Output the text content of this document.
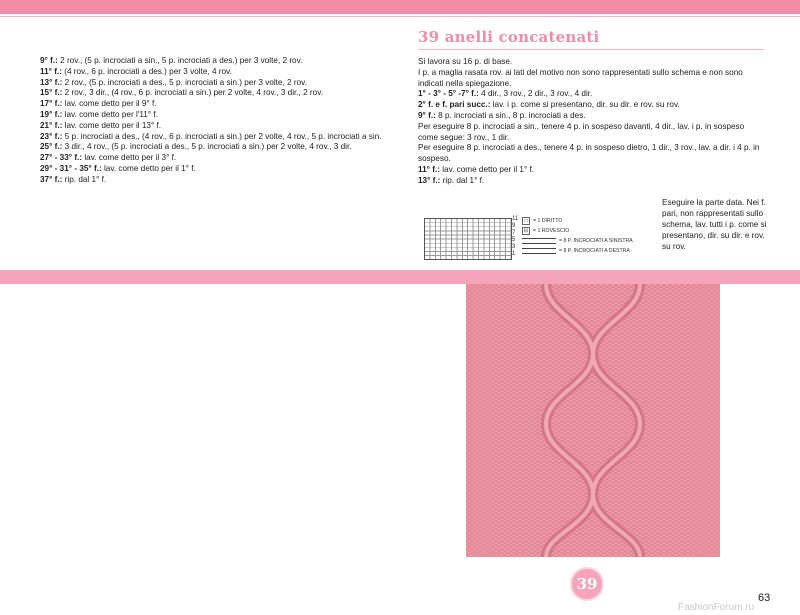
39 anelli concatenati
9° f.: 2 rov., (5 p. incrociati a sin., 5 p. incrociati a des.) per 3 volte, 2 rov.
11° f.: (4 rov., 6 p. incrociati a des.) per 3 volte, 4 rov.
13° f.: 2 rov., (5 p. incrociati a des., 5 p. incrociati a sin.) per 3 volte, 2 rov.
15° f.: 2 rov., 3 dir., (4 rov., 6 p. incrociati a sin.) per 2 volte, 4 rov., 3 dir., 2 rov.
17° f.: lav. come detto per il 9° f.
19° f.: lav. come detto per l'11° f.
21° f.: lav. come detto per il 13° f.
23° f.: 5 p. incrociati a des., (4 rov., 6 p. incrociati a sin.) per 2 volte, 4 rov., 5 p. incrociati a sin.
25° f.: 3 dir., 4 rov., (5 p. incrociati a des., 5 p. incrociati a sin.) per 2 volte, 4 rov., 3 dir.
27° - 33° f.: lav. come detto per il 3° f.
29° - 31° - 35° f.: lav. come detto per il 1° f.
37° f.: rip. dal 1° f.
Si lavora su 16 p. di base.
I p. a maglia rasata rov. ai lati del motivo non sono rappresentati sullo schema e non sono indicati nella spiegazione.
1° - 3° - 5° -7° f.: 4 dir., 3 rov., 2 dir., 3 rov., 4 dir.
2° f. e f. pari succ.: lav. i p. come si presentano, dir. su dir. e rov. su rov.
9° f.: 8 p. incrociati a sin., 8 p. incrociati a des.
Per eseguire 8 p. incrociati a sin., tenere 4 p. in sospeso davanti, 4 dir., lav. i p. in sospeso come segue: 3 rov., 1 dir.
Per eseguire 8 p. incrociati a des., tenere 4 p. in sospeso dietro, 1 dir., 3 rov., lav. a dir. i 4 p. in sospeso.
11° f.: lav. come detto per il 1° f.
13° f.: rip. dal 1° f.
11
9
7
5
3
1
□	= 1 DIRITTO
⊟ = 1 ROVESCIO
= 8 P. INCROCIATI A SINISTRA
= 8 P. INCROCIATI A DESTRA
Eseguire la parte data. Nei f. pari, non rappresentati sullo schema, lav. tutti i p. come si presentano, dir. su dir. e rov. su rov.
39
63
FashionForum.ru
